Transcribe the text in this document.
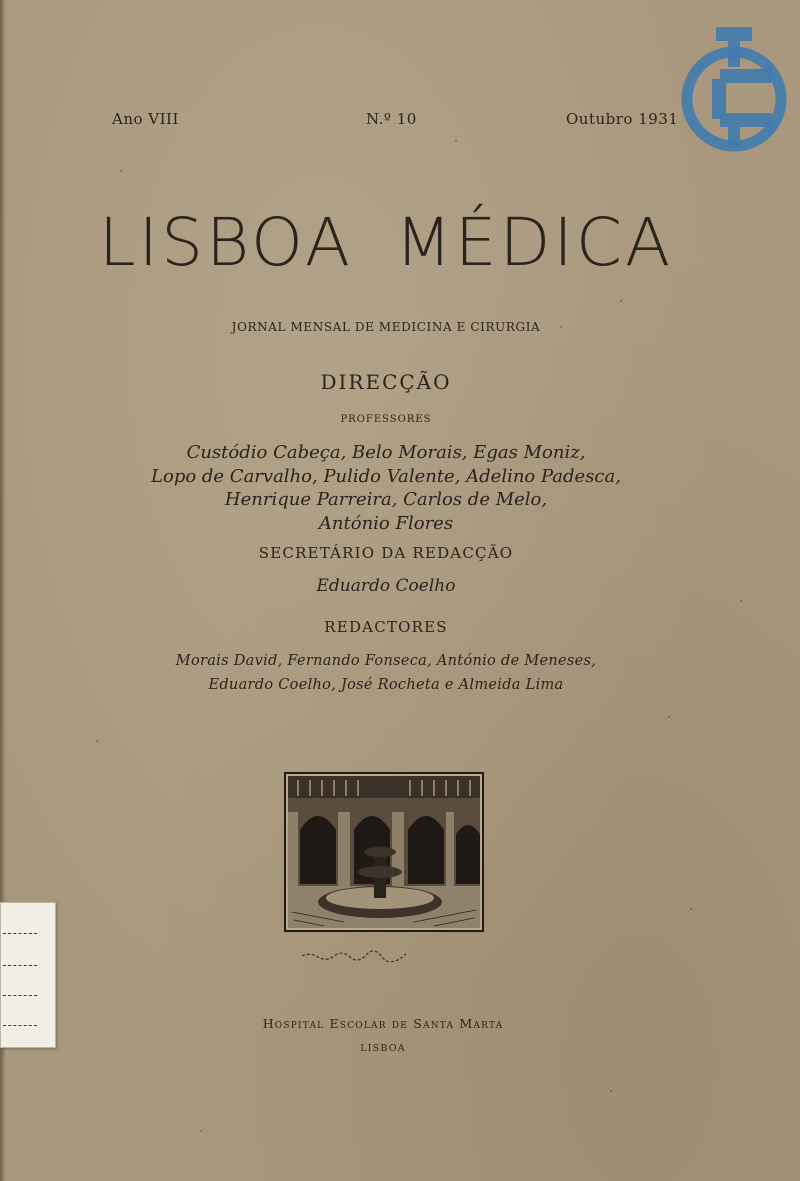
Ano VIII	N.º 10	Outubro 1931
LISBOA MÉDICA
JORNAL MENSAL DE MEDICINA E CIRURGIA
DIRECÇÃO
PROFESSORES
Custódio Cabeça, Belo Morais, Egas Moniz,
Lopo de Carvalho, Pulido Valente, Adelino Padesca,
Henrique Parreira, Carlos de Melo,
António Flores
SECRETÁRIO DA REDACÇÃO
Eduardo Coelho
REDACTORES
Morais David, Fernando Fonseca, António de Meneses,
Eduardo Coelho, José Rocheta e Almeida Lima
Hospital Escolar de Santa Marta
LISBOA
